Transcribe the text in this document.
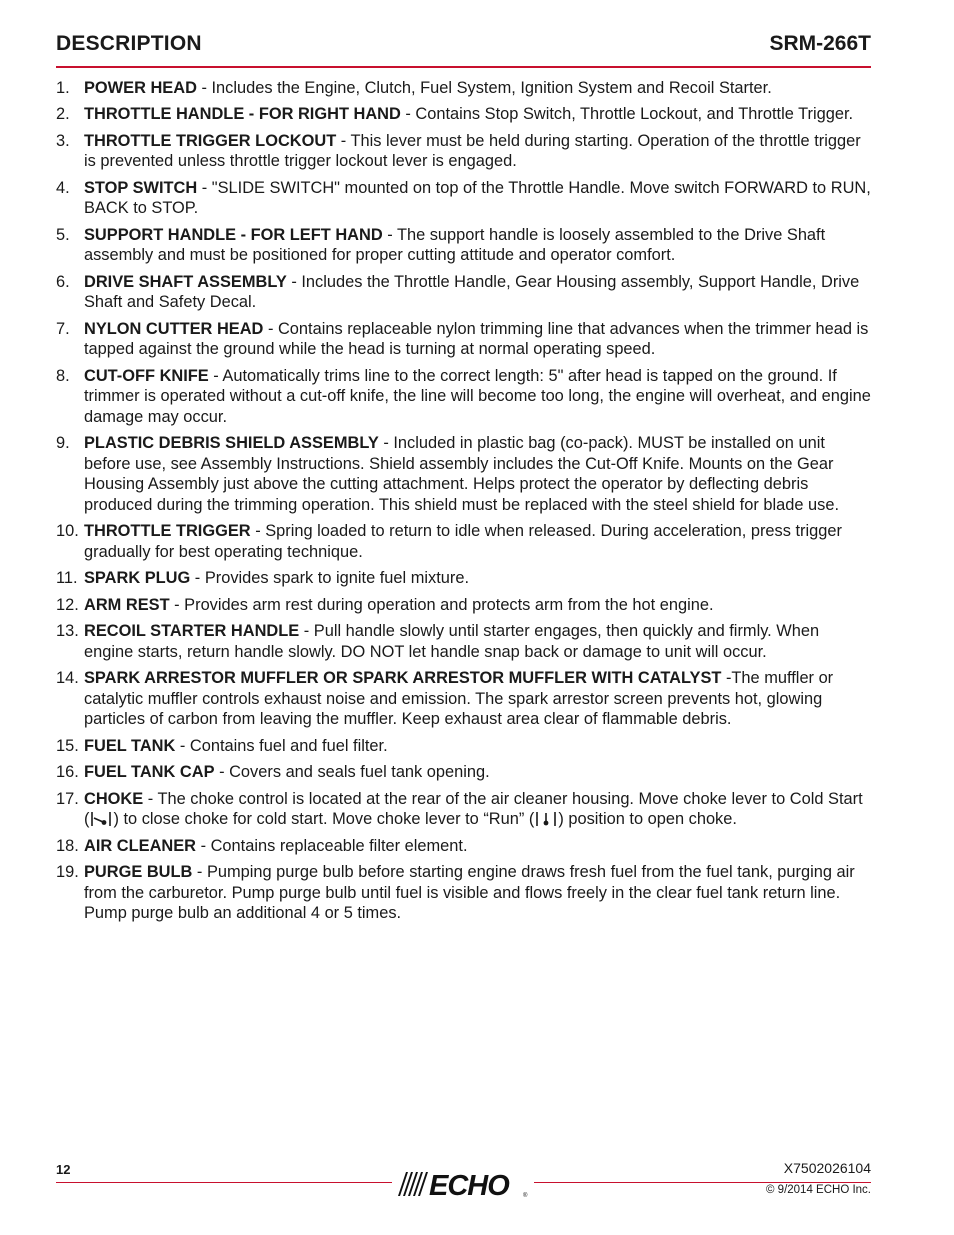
DESCRIPTION	SRM-266T
1. POWER HEAD - Includes the Engine, Clutch, Fuel System, Ignition System and Recoil Starter.
2. THROTTLE HANDLE - FOR RIGHT HAND - Contains Stop Switch, Throttle Lockout, and Throttle Trigger.
3. THROTTLE TRIGGER LOCKOUT - This lever must be held during starting. Operation of the throttle trigger is prevented unless throttle trigger lockout lever is engaged.
4. STOP SWITCH - "SLIDE SWITCH" mounted on top of the Throttle Handle. Move switch FORWARD to RUN, BACK to STOP.
5. SUPPORT HANDLE - FOR LEFT HAND - The support handle is loosely assembled to the Drive Shaft assembly and must be positioned for proper cutting attitude and operator comfort.
6. DRIVE SHAFT ASSEMBLY - Includes the Throttle Handle, Gear Housing assembly, Support Handle, Drive Shaft and Safety Decal.
7. NYLON CUTTER HEAD - Contains replaceable nylon trimming line that advances when the trimmer head is tapped against the ground while the head is turning at normal operating speed.
8. CUT-OFF KNIFE - Automatically trims line to the correct length: 5" after head is tapped on the ground. If trimmer is operated without a cut-off knife, the line will become too long, the engine will overheat, and engine damage may occur.
9. PLASTIC DEBRIS SHIELD ASSEMBLY - Included in plastic bag (co-pack). MUST be installed on unit before use, see Assembly Instructions. Shield assembly includes the Cut-Off Knife. Mounts on the Gear Housing Assembly just above the cutting attachment. Helps protect the operator by deflecting debris produced during the trimming operation. This shield must be replaced with the steel shield for blade use.
10. THROTTLE TRIGGER - Spring loaded to return to idle when released. During acceleration, press trigger gradually for best operating technique.
11. SPARK PLUG - Provides spark to ignite fuel mixture.
12. ARM REST - Provides arm rest during operation and protects arm from the hot engine.
13. RECOIL STARTER HANDLE - Pull handle slowly until starter engages, then quickly and firmly. When engine starts, return handle slowly. DO NOT let handle snap back or damage to unit will occur.
14. SPARK ARRESTOR MUFFLER OR SPARK ARRESTOR MUFFLER WITH CATALYST -The muffler or catalytic muffler controls exhaust noise and emission. The spark arrestor screen prevents hot, glowing particles of carbon from leaving the muffler. Keep exhaust area clear of flammable debris.
15. FUEL TANK - Contains fuel and fuel filter.
16. FUEL TANK CAP - Covers and seals fuel tank opening.
17. CHOKE - The choke control is located at the rear of the air cleaner housing. Move choke lever to Cold Start ( ) to close choke for cold start. Move choke lever to “Run” ( ) position to open choke.
18. AIR CLEANER - Contains replaceable filter element.
19. PURGE BULB - Pumping purge bulb before starting engine draws fresh fuel from the fuel tank, purging air from the carburetor. Pump purge bulb until fuel is visible and flows freely in the clear fuel tank return line. Pump purge bulb an additional 4 or 5 times.
12
ECHO ®
X7502026104
© 9/2014 ECHO Inc.
